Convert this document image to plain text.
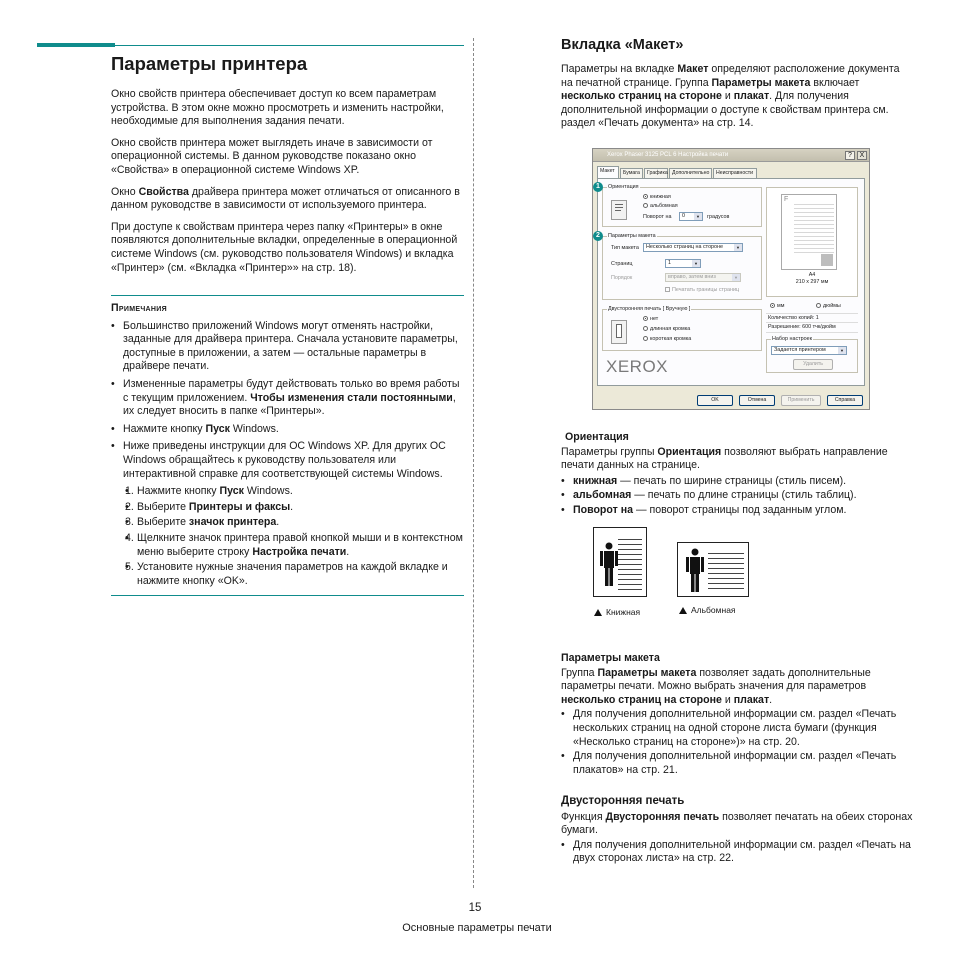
Параметры принтера

Окно свойств принтера обеспечивает доступ ко всем параметрам устройства. В этом окне можно просмотреть и изменить настройки, необходимые для выполнения задания печати.

Окно свойств принтера может выглядеть иначе в зависимости от операционной системы. В данном руководстве показано окно «Свойства» в операционной системе Windows XP.

Окно Свойства драйвера принтера может отличаться от описанного в данном руководстве в зависимости от используемого принтера.

При доступе к свойствам принтера через папку «Принтеры» в окне появляются дополнительные вкладки, определенные в операционной системе Windows (см. руководство пользователя Windows) и вкладка «Принтер» (см. «Вкладка «Принтер»» на стр. 18).

Примечания
• Большинство приложений Windows могут отменять настройки, заданные для драйвера принтера. Сначала установите параметры, доступные в приложении, а затем — остальные параметры в драйвере печати.
• Измененные параметры будут действовать только во время работы с текущим приложением. Чтобы изменения стали постоянными, их следует вносить в папке «Принтеры».
• Нажмите кнопку Пуск Windows.
• Ниже приведены инструкции для ОС Windows XP. Для других ОС Windows обращайтесь к руководству пользователя или интерактивной справке для соответствующей системы Windows.
• 1. Нажмите кнопку Пуск Windows.
• 2. Выберите Принтеры и факсы.
• 3. Выберите значок принтера.
• 4. Щелкните значок принтера правой кнопкой мыши и в контекстном меню выберите строку Настройка печати.
• 5. Установите нужные значения параметров на каждой вкладке и нажмите кнопку «OK».
Вкладка «Макет»

Параметры на вкладке Макет определяют расположение документа на печатной странице. Группа Параметры макета включает несколько страниц на стороне и плакат. Для получения дополнительной информации о доступе к свойствам принтера см. раздел «Печать документа» на стр. 14.

Xerox Phaser 3125 PCL 6 Настройка печати	?	X
Макет	Бумага	Графика Дополнительно	Неисправности
Ориентация
книжная
альбомная
Поворот на	0	▼	градусов
1
Параметры макета
Тип макета	Несколько страниц на стороне	▼
Страниц	1	▼
Порядок	вправо, затем вниз	▼
Печатать границы страниц
2
Двусторонняя печать [ Вручную ]
нет
длинная кромка
короткая кромка
F
A4
210 x 297 мм
мм	дюймы
Количество копий: 1
Разрешение: 600 тчк/дюйм
Набор настроек
Задается принтером	▼
Удалить
XEROX
OK	Отмена	Применить	Справка
Ориентация

Параметры группы Ориентация позволяют выбрать направление печати данных на странице.

• книжная — печать по ширине страницы (стиль писем).
• альбомная — печать по длине страницы (стиль таблиц).
• Поворот на — поворот страницы под заданным углом.
Книжная	Альбомная
Параметры макета

Группа Параметры макета позволяет задать дополнительные параметры печати. Можно выбрать значения для параметров несколько страниц на стороне и плакат.

• Для получения дополнительной информации см. раздел «Печать нескольких страниц на одной стороне листа бумаги (функция «Несколько страниц на стороне»)» на стр. 20.
• Для получения дополнительной информации см. раздел «Печать плакатов» на стр. 21.
Двусторонняя печать

Функция Двусторонняя печать позволяет печатать на обеих сторонах бумаги.

• Для получения дополнительной информации см. раздел «Печать на двух сторонах листа» на стр. 22.
15
Основные параметры печати
